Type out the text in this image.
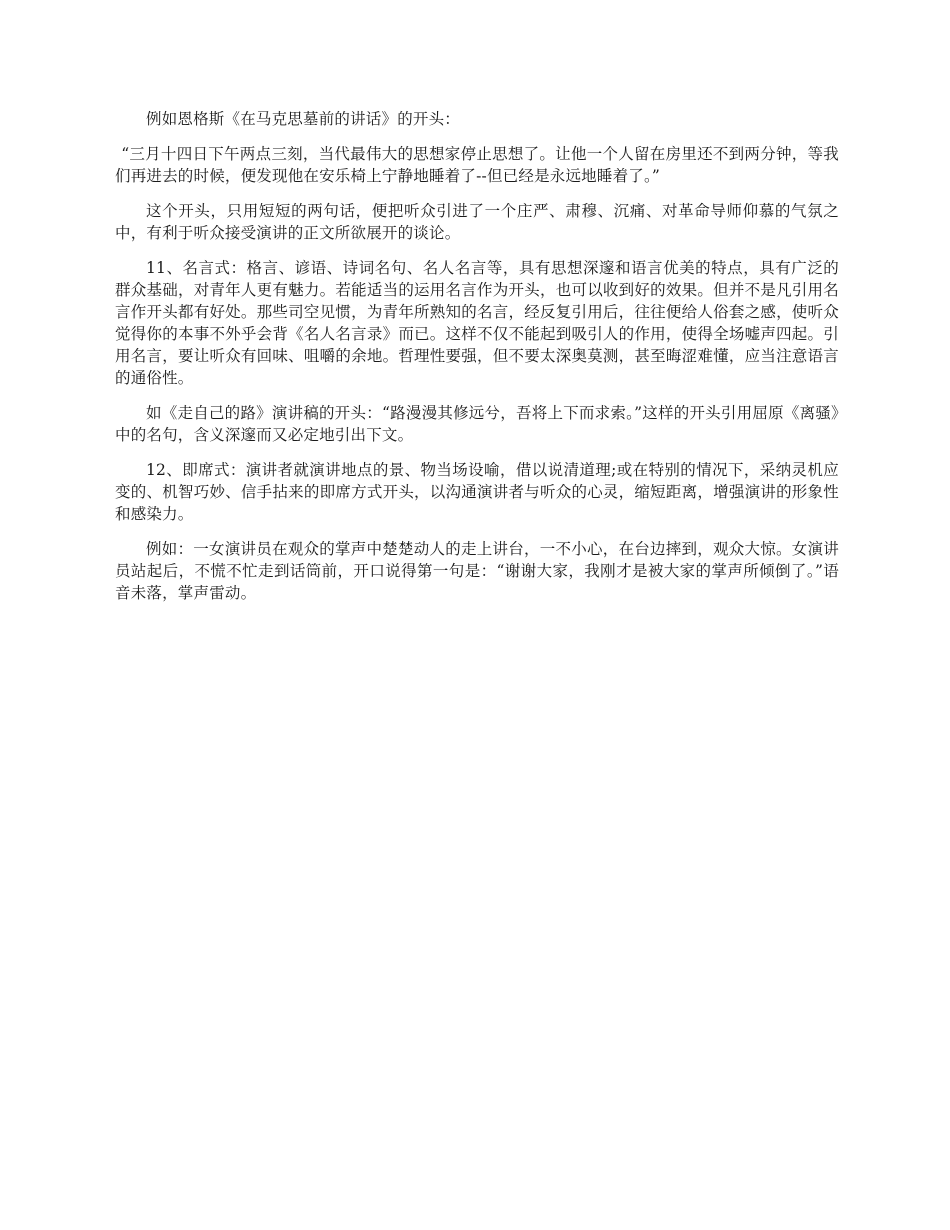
例如恩格斯《在马克思墓前的讲话》的开头：

“三月十四日下午两点三刻，当代最伟大的思想家停止思想了。让他一个人留在房里还不到两分钟，等我们再进去的时候，便发现他在安乐椅上宁静地睡着了--但已经是永远地睡着了。”

这个开头，只用短短的两句话，便把听众引进了一个庄严、肃穆、沉痛、对革命导师仰慕的气氛之中，有利于听众接受演讲的正文所欲展开的谈论。

11、名言式：格言、谚语、诗词名句、名人名言等，具有思想深邃和语言优美的特点，具有广泛的群众基础，对青年人更有魅力。若能适当的运用名言作为开头，也可以收到好的效果。但并不是凡引用名言作开头都有好处。那些司空见惯，为青年所熟知的名言，经反复引用后，往往便给人俗套之感，使听众觉得你的本事不外乎会背《名人名言录》而已。这样不仅不能起到吸引人的作用，使得全场嘘声四起。引用名言，要让听众有回味、咀嚼的余地。哲理性要强，但不要太深奥莫测，甚至晦涩难懂，应当注意语言的通俗性。

如《走自己的路》演讲稿的开头：“路漫漫其修远兮，吾将上下而求索。”这样的开头引用屈原《离骚》中的名句，含义深邃而又必定地引出下文。

12、即席式：演讲者就演讲地点的景、物当场设喻，借以说清道理;或在特别的情况下，采纳灵机应变的、机智巧妙、信手拈来的即席方式开头，以沟通演讲者与听众的心灵，缩短距离，增强演讲的形象性和感染力。

例如：一女演讲员在观众的掌声中楚楚动人的走上讲台，一不小心，在台边摔到，观众大惊。女演讲员站起后，不慌不忙走到话筒前，开口说得第一句是：“谢谢大家，我刚才是被大家的掌声所倾倒了。”语音未落，掌声雷动。
